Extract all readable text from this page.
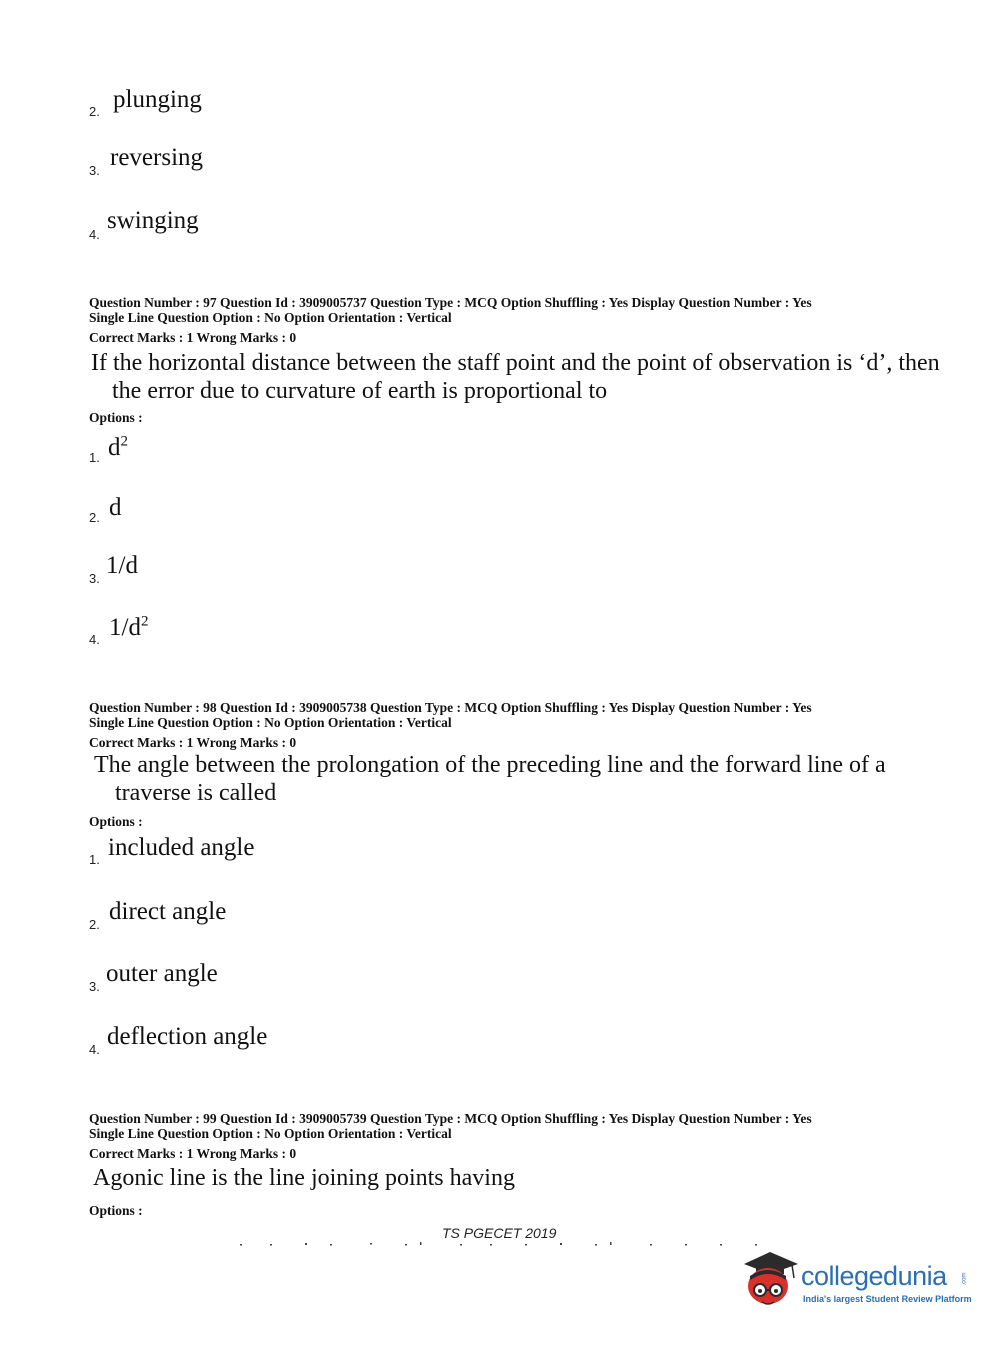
2. plunging
3. reversing
4.
swinging
Question Number : 97 Question Id : 3909005737 Question Type : MCQ Option Shuffling : Yes Display Question Number : Yes
Single Line Question Option : No Option Orientation : Vertical
Correct Marks : 1 Wrong Marks : 0
If the horizontal distance between the staff point and the point of observation is ‘d’, then
the error due to curvature of earth is proportional to
Options :
1. $d^2$
2. d
3. 1/d
4. $1/d^2$
Question Number : 98 Question Id : 3909005738 Question Type : MCQ Option Shuffling : Yes Display Question Number : Yes
Single Line Question Option : No Option Orientation : Vertical
Correct Marks : 1 Wrong Marks : 0
The angle between the prolongation of the preceding line and the forward line of a
traverse is called
Options :
1. included angle
2. direct angle
3. outer angle
4. deflection angle
Question Number : 99 Question Id : 3909005739 Question Type : MCQ Option Shuffling : Yes Display Question Number : Yes
Single Line Question Option : No Option Orientation : Vertical
Correct Marks : 1 Wrong Marks : 0
Agonic line is the line joining points having
Options :
TS PGECET 2019
collegedunia .com
India's largest Student Review Platform
